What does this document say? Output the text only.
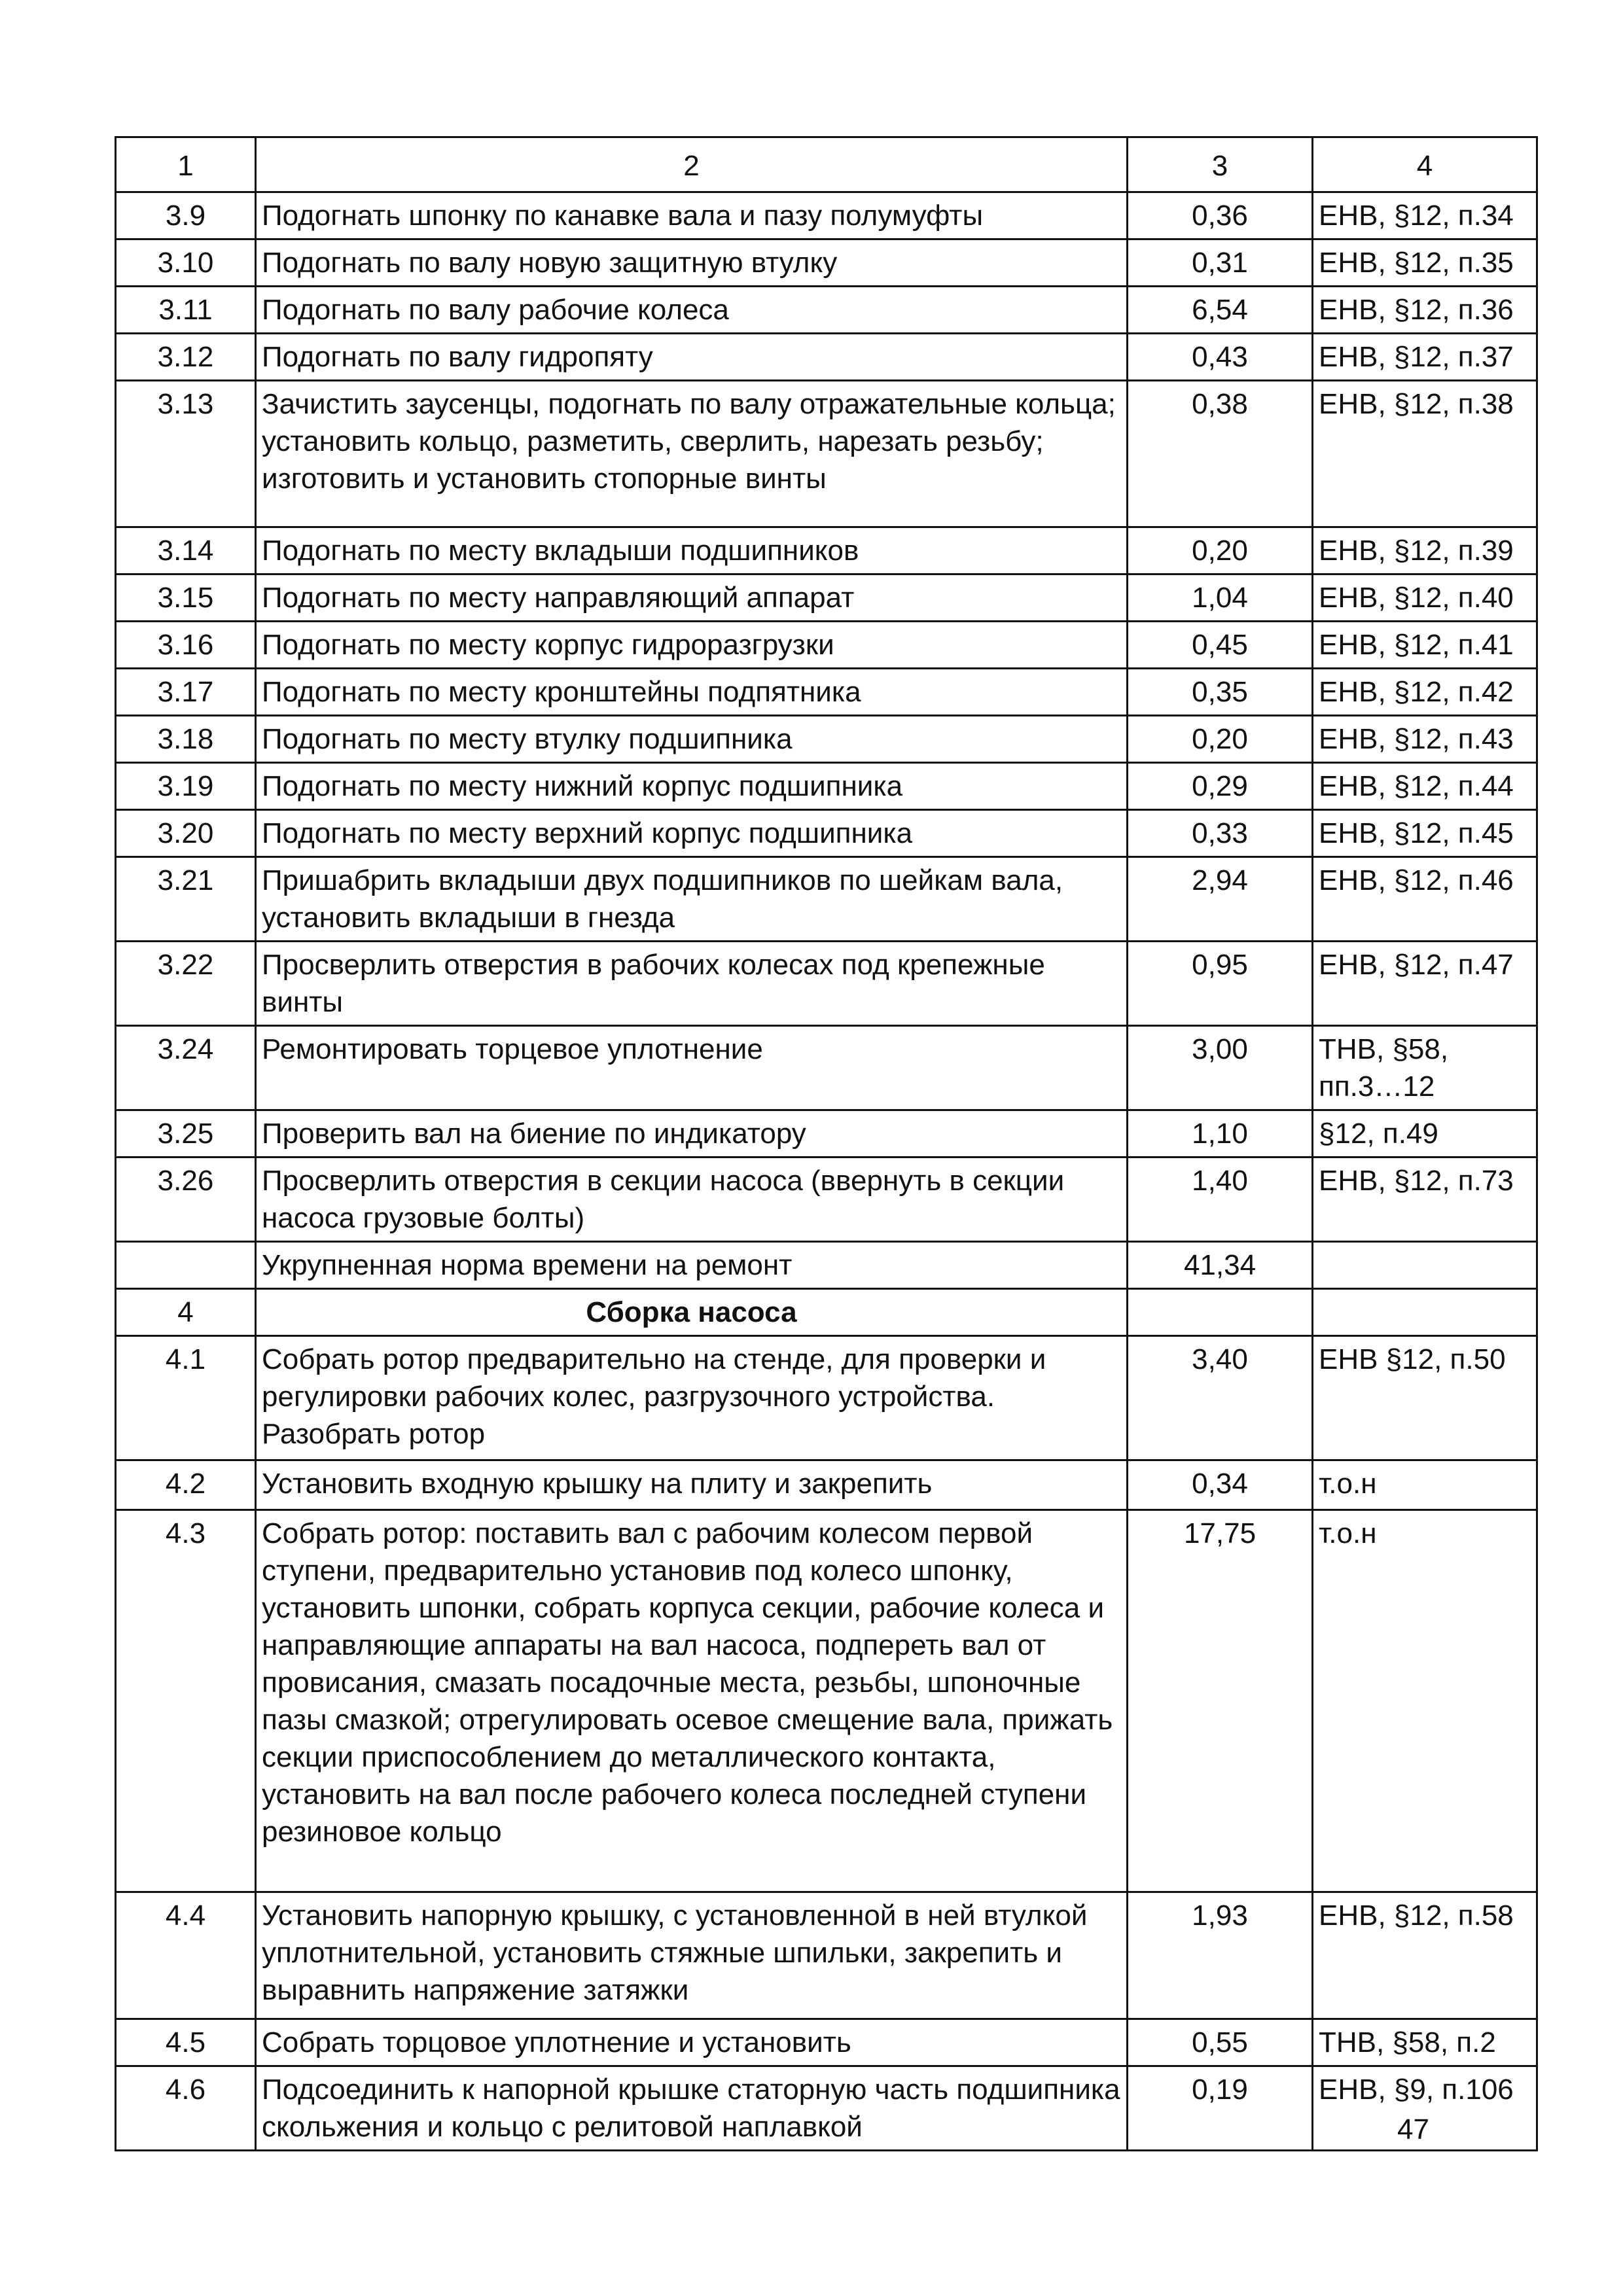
1	2	3	4
3.9	Подогнать шпонку по канавке вала и пазу полумуфты	0,36	ЕНВ, §12, п.34
3.10	Подогнать по валу новую защитную втулку	0,31	ЕНВ, §12, п.35
3.11	Подогнать по валу рабочие колеса	6,54	ЕНВ, §12, п.36
3.12	Подогнать по валу гидропяту	0,43	ЕНВ, §12, п.37
3.13	Зачистить заусенцы, подогнать по валу отражательные кольца; установить кольцо, разметить, сверлить, нарезать резьбу; изготовить и установить стопорные винты	0,38	ЕНВ, §12, п.38
3.14	Подогнать по месту вкладыши подшипников	0,20	ЕНВ, §12, п.39
3.15	Подогнать по месту направляющий аппарат	1,04	ЕНВ, §12, п.40
3.16	Подогнать по месту корпус гидроразгрузки	0,45	ЕНВ, §12, п.41
3.17	Подогнать по месту кронштейны подпятника	0,35	ЕНВ, §12, п.42
3.18	Подогнать по месту втулку подшипника	0,20	ЕНВ, §12, п.43
3.19	Подогнать по месту нижний корпус подшипника	0,29	ЕНВ, §12, п.44
3.20	Подогнать по месту верхний корпус подшипника	0,33	ЕНВ, §12, п.45
3.21	Пришабрить вкладыши двух подшипников по шейкам вала, установить вкладыши в гнезда	2,94	ЕНВ, §12, п.46
3.22	Просверлить отверстия в рабочих колесах под крепежные винты	0,95	ЕНВ, §12, п.47
3.24	Ремонтировать торцевое уплотнение	3,00	ТНВ, §58, пп.3…12
3.25	Проверить вал на биение по индикатору	1,10	§12, п.49
3.26	Просверлить отверстия в секции насоса (ввернуть в секции насоса грузовые болты)	1,40	ЕНВ, §12, п.73
	Укрупненная норма времени на ремонт	41,34	
4	Сборка насоса		
4.1	Собрать ротор предварительно на стенде, для проверки и регулировки рабочих колес, разгрузочного устройства. Разобрать ротор	3,40	ЕНВ §12, п.50
4.2	Установить входную крышку на плиту и закрепить	0,34	т.о.н
4.3	Собрать ротор: поставить вал с рабочим колесом первой ступени, предварительно установив под колесо шпонку, установить шпонки, собрать корпуса секции, рабочие колеса и направляющие аппараты на вал насоса, подпереть вал от провисания, смазать посадочные места, резьбы, шпоночные пазы смазкой; отрегулировать осевое смещение вала, прижать секции приспособлением до металлического контакта, установить на вал после рабочего колеса последней ступени резиновое кольцо	17,75	т.о.н
4.4	Установить напорную крышку, с установленной в ней втулкой уплотнительной, установить стяжные шпильки, закрепить и выравнить напряжение затяжки	1,93	ЕНВ, §12, п.58
4.5	Собрать торцовое уплотнение и установить	0,55	ТНВ, §58, п.2
4.6	Подсоединить к напорной крышке статорную часть подшипника скольжения и кольцо с релитовой наплавкой	0,19	ЕНВ, §9, п.106
47
